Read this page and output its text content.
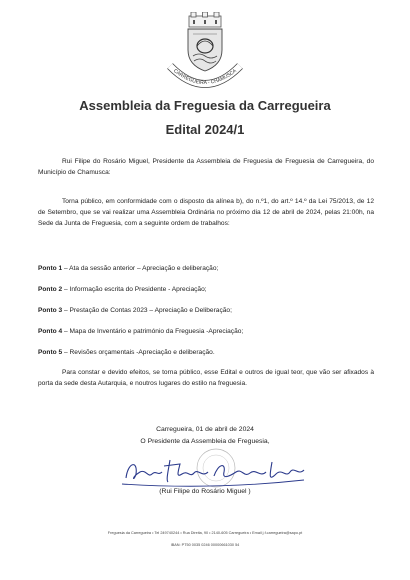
CARREGUEIRA - CHAMUSCA
Assembleia da Freguesia da Carregueira
Edital 2024/1

Rui Filipe do Rosário Miguel, Presidente da Assembleia de Freguesia de Freguesia de Carregueira, do Município de Chamusca:

Torna público, em conformidade com o disposto da alínea b), do n.º1, do art.º 14.º da Lei 75/2013, de 12 de Setembro, que se vai realizar uma Assembleia Ordinária no próximo dia 12 de abril de 2024, pelas 21:00h, na Sede da Junta de Freguesia, com a seguinte ordem de trabalhos:

Ponto 1 – Ata da sessão anterior – Apreciação e deliberação;
Ponto 2 – Informação escrita do Presidente - Apreciação;
Ponto 3 – Prestação de Contas 2023 – Apreciação e Deliberação;
Ponto 4 – Mapa de Inventário e património da Freguesia -Apreciação;
Ponto 5 – Revisões orçamentais -Apreciação e deliberação.

Para constar e devido efeitos, se torna público, esse Edital e outros de igual teor, que vão ser afixados à porta da sede desta Autarquia, e noutros lugares do estilo na freguesia.

Carregueira, 01 de abril de 2024
O Presidente da Assembleia de Freguesia,
(Rui Filipe do Rosário Miguel )
Freguesia da Carregueira • Tel 249740244 • Rua Direita, 90 • 2140-605 Carregueira • Email j.f.carregueira@sapo.pt
IBAN: PT50 0035 0246 00000661030 54
